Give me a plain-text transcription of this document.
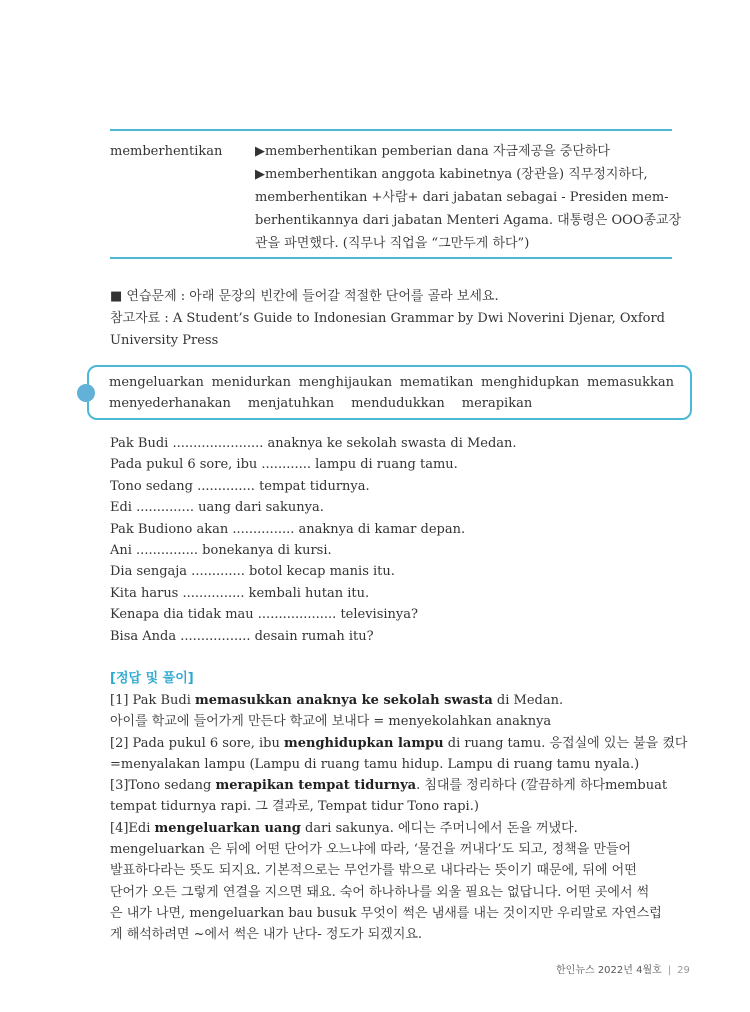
memberhentikan	▶memberhentikan pemberian dana 자금제공을 중단하다
▶memberhentikan anggota kabinetnya (장관을) 직무정지하다,
memberhentikan +사람+ dari jabatan sebagai - Presiden mem-
berhentikannya dari jabatan Menteri Agama. 대통령은 OOO종교장
관을 파면했다. (직무나 직업을 “그만두게 하다”)
■ 연습문제 : 아래 문장의 빈칸에 들어갈 적절한 단어를 골라 보세요.
참고자료 : A Student’s Guide to Indonesian Grammar by Dwi Noverini Djenar, Oxford
University Press
mengeluarkan menidurkan menghijaukan mematikan menghidupkan memasukkan
menyederhanakan menjatuhkan mendudukkan merapikan
Pak Budi ...................... anaknya ke sekolah swasta di Medan.
Pada pukul 6 sore, ibu ............ lampu di ruang tamu.
Tono sedang .............. tempat tidurnya.
Edi .............. uang dari sakunya.
Pak Budiono akan ............... anaknya di kamar depan.
Ani ............... bonekanya di kursi.
Dia sengaja ............. botol kecap manis itu.
Kita harus ............... kembali hutan itu.
Kenapa dia tidak mau ................... televisinya?
Bisa Anda ................. desain rumah itu?
[정답 및 풀이]
[1] Pak Budi memasukkan anaknya ke sekolah swasta di Medan.
아이를 학교에 들어가게 만든다 학교에 보내다 = menyekolahkan anaknya
[2] Pada pukul 6 sore, ibu menghidupkan lampu di ruang tamu. 응접실에 있는 불을 켰다
=menyalakan lampu (Lampu di ruang tamu hidup. Lampu di ruang tamu nyala.)
[3]Tono sedang merapikan tempat tidurnya. 침대를 정리하다 (깔끔하게 하다membuat
tempat tidurnya rapi. 그 결과로, Tempat tidur Tono rapi.)
[4]Edi mengeluarkan uang dari sakunya. 에디는 주머니에서 돈을 꺼냈다.
mengeluarkan 은 뒤에 어떤 단어가 오느냐에 따라, ‘물건을 꺼내다’도 되고, 정책을 만들어
발표하다라는 뜻도 되지요. 기본적으로는 무언가를 밖으로 내다라는 뜻이기 때문에, 뒤에 어떤
단어가 오든 그렇게 연결을 지으면 돼요. 숙어 하나하나를 외울 필요는 없답니다. 어떤 곳에서 썩
은 내가 나면, mengeluarkan bau busuk 무엇이 썩은 냄새를 내는 것이지만 우리말로 자연스럽
게 해석하려면 ~에서 썩은 내가 난다- 정도가 되겠지요.
한인뉴스 2022년 4월호 | 29
